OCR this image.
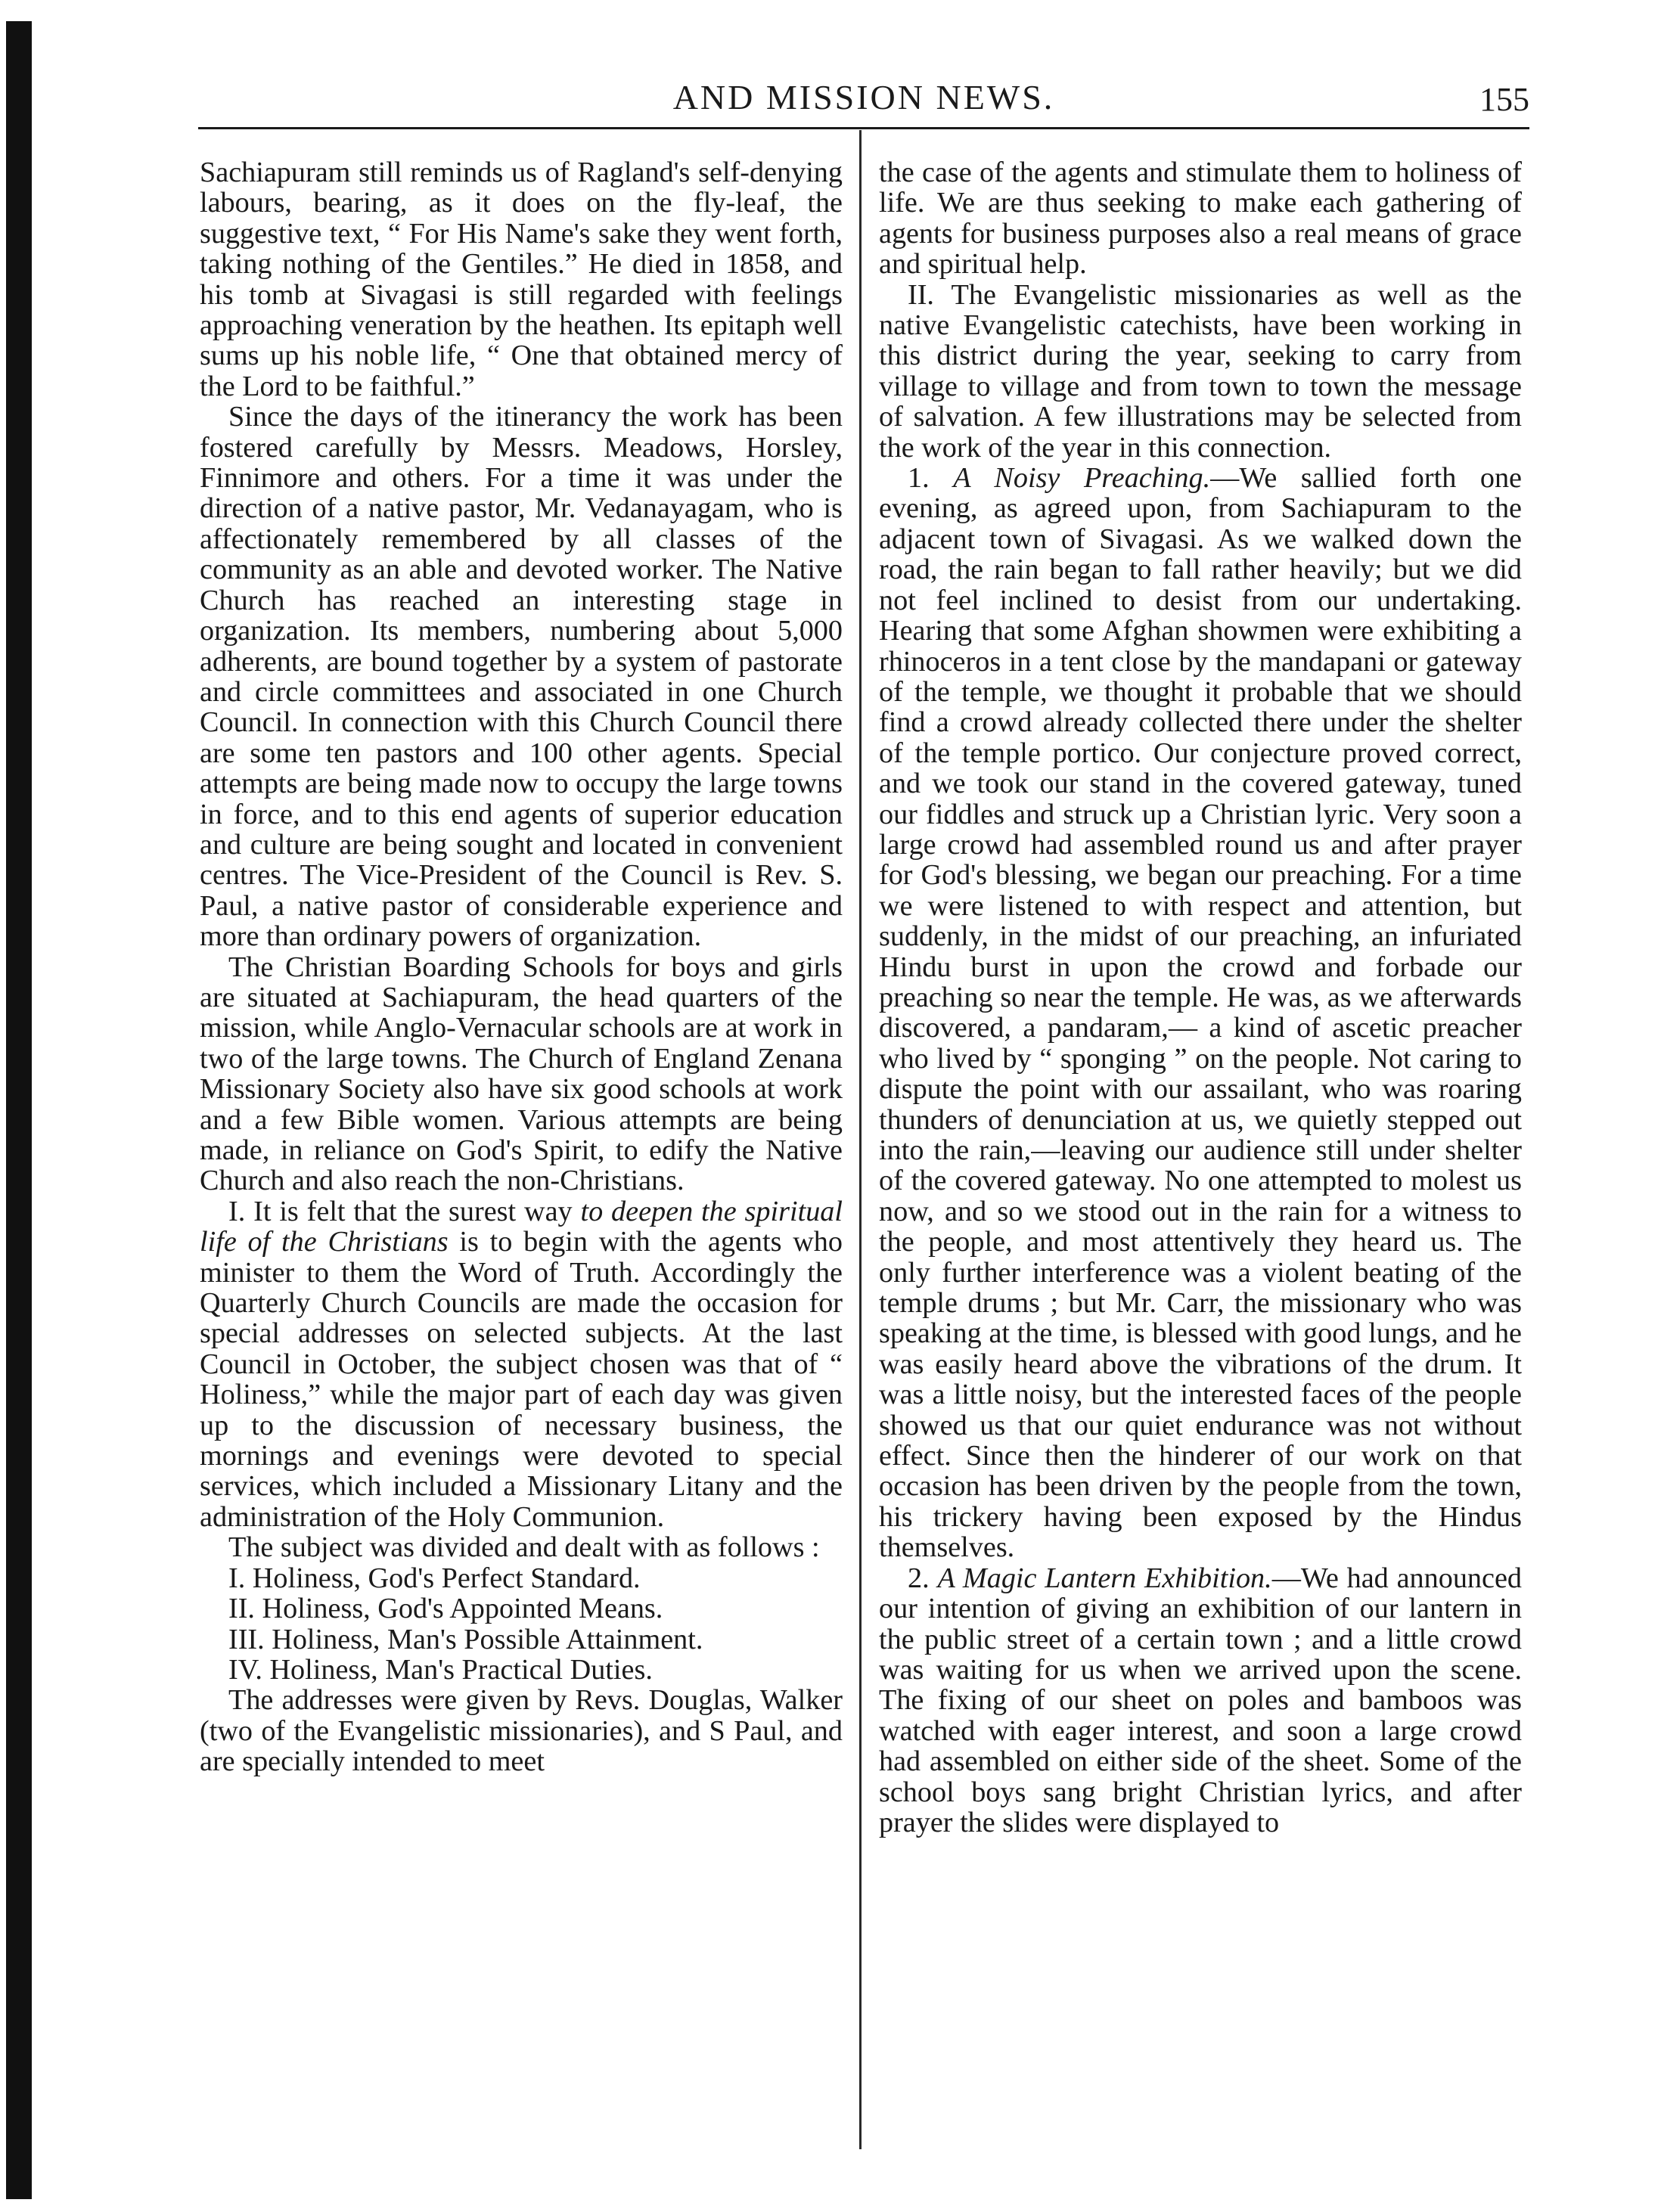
AND MISSION NEWS.	155

Sachiapuram still reminds us of Ragland's self-denying labours, bearing, as it does on the fly-leaf, the suggestive text, “ For His Name's sake they went forth, taking nothing of the Gentiles.” He died in 1858, and his tomb at Sivagasi is still regarded with feelings approaching veneration by the heathen. Its epitaph well sums up his noble life, “ One that obtained mercy of the Lord to be faithful.”

Since the days of the itinerancy the work has been fostered carefully by Messrs. Meadows, Horsley, Finnimore and others. For a time it was under the direction of a native pastor, Mr. Vedanayagam, who is affectionately remembered by all classes of the community as an able and devoted worker. The Native Church has reached an interesting stage in organization. Its members, numbering about 5,000 adherents, are bound together by a system of pastorate and circle committees and associated in one Church Council. In connection with this Church Council there are some ten pastors and 100 other agents. Special attempts are being made now to occupy the large towns in force, and to this end agents of superior education and culture are being sought and located in convenient centres. The Vice-President of the Council is Rev. S. Paul, a native pastor of considerable experience and more than ordinary powers of organization.

The Christian Boarding Schools for boys and girls are situated at Sachiapuram, the head quarters of the mission, while Anglo-Vernacular schools are at work in two of the large towns. The Church of England Zenana Missionary Society also have six good schools at work and a few Bible women. Various attempts are being made, in reliance on God's Spirit, to edify the Native Church and also reach the non-Christians.

I. It is felt that the surest way to deepen the spiritual life of the Christians is to begin with the agents who minister to them the Word of Truth. Accordingly the Quarterly Church Councils are made the occasion for special addresses on selected subjects. At the last Council in October, the subject chosen was that of “ Holiness,” while the major part of each day was given up to the discussion of necessary business, the mornings and evenings were devoted to special services, which included a Missionary Litany and the administration of the Holy Communion.

The subject was divided and dealt with as follows :

I. Holiness, God's Perfect Standard.

II. Holiness, God's Appointed Means.

III. Holiness, Man's Possible Attainment.

IV. Holiness, Man's Practical Duties.

The addresses were given by Revs. Douglas, Walker (two of the Evangelistic missionaries), and S Paul, and are specially intended to meet

the case of the agents and stimulate them to holiness of life. We are thus seeking to make each gathering of agents for business purposes also a real means of grace and spiritual help.

II. The Evangelistic missionaries as well as the native Evangelistic catechists, have been working in this district during the year, seeking to carry from village to village and from town to town the message of salvation. A few illustrations may be selected from the work of the year in this connection.

1. A Noisy Preaching.—We sallied forth one evening, as agreed upon, from Sachiapuram to the adjacent town of Sivagasi. As we walked down the road, the rain began to fall rather heavily; but we did not feel inclined to desist from our undertaking. Hearing that some Afghan showmen were exhibiting a rhinoceros in a tent close by the mandapani or gateway of the temple, we thought it probable that we should find a crowd already collected there under the shelter of the temple portico. Our conjecture proved correct, and we took our stand in the covered gateway, tuned our fiddles and struck up a Christian lyric. Very soon a large crowd had assembled round us and after prayer for God's blessing, we began our preaching. For a time we were listened to with respect and attention, but suddenly, in the midst of our preaching, an infuriated Hindu burst in upon the crowd and forbade our preaching so near the temple. He was, as we afterwards discovered, a pandaram,— a kind of ascetic preacher who lived by “ sponging ” on the people. Not caring to dispute the point with our assailant, who was roaring thunders of denunciation at us, we quietly stepped out into the rain,—leaving our audience still under shelter of the covered gateway. No one attempted to molest us now, and so we stood out in the rain for a witness to the people, and most attentively they heard us. The only further interference was a violent beating of the temple drums ; but Mr. Carr, the missionary who was speaking at the time, is blessed with good lungs, and he was easily heard above the vibrations of the drum. It was a little noisy, but the interested faces of the people showed us that our quiet endurance was not without effect. Since then the hinderer of our work on that occasion has been driven by the people from the town, his trickery having been exposed by the Hindus themselves.

2. A Magic Lantern Exhibition.—We had announced our intention of giving an exhibition of our lantern in the public street of a certain town ; and a little crowd was waiting for us when we arrived upon the scene. The fixing of our sheet on poles and bamboos was watched with eager interest, and soon a large crowd had assembled on either side of the sheet. Some of the school boys sang bright Christian lyrics, and after prayer the slides were displayed to
